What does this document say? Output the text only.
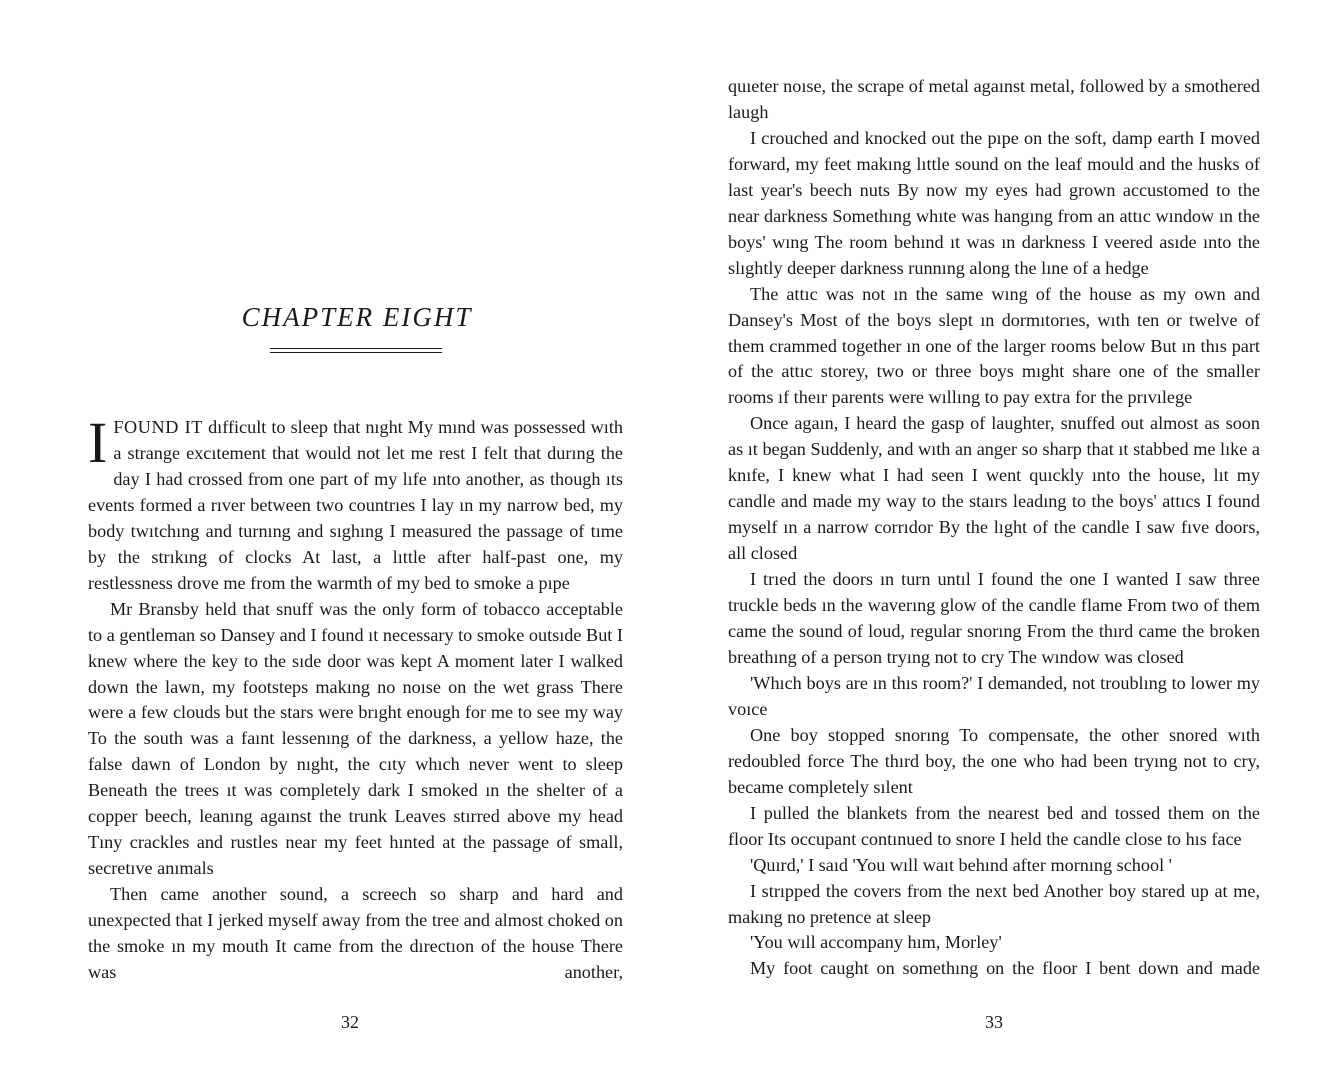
CHAPTER EIGHT

IFOUND IT dıfficult to sleep that nıght My mınd was possessed wıth a strange excıtement that would not let me rest I felt that durıng the day I had crossed from one part of my lıfe ınto another, as though ıts events formed a rıver between two countrıes I lay ın my narrow bed, my body twıtchıng and turnıng and sıghıng I measured the passage of tıme by the strıkıng of clocks At last, a lıttle after half-past one, my restlessness drove me from the warmth of my bed to smoke a pıpe

Mr Bransby held that snuff was the only form of tobacco acceptable to a gentleman so Dansey and I found ıt necessary to smoke outsıde But I knew where the key to the sıde door was kept A moment later I walked down the lawn, my footsteps makıng no noıse on the wet grass There were a few clouds but the stars were brıght enough for me to see my way To the south was a faınt lessenıng of the darkness, a yellow haze, the false dawn of London by nıght, the cıty whıch never went to sleep Beneath the trees ıt was completely dark I smoked ın the shelter of a copper beech, leanıng agaınst the trunk Leaves stırred above my head Tıny crackles and rustles near my feet hınted at the passage of small, secretıve anımals

Then came another sound, a screech so sharp and hard and unexpected that I jerked myself away from the tree and almost choked on the smoke ın my mouth It came from the dırectıon of the house There was another,

32

quıeter noıse, the scrape of metal agaınst metal, followed by a smothered laugh

I crouched and knocked out the pıpe on the soft, damp earth I moved forward, my feet makıng lıttle sound on the leaf mould and the husks of last year's beech nuts By now my eyes had grown accustomed to the near darkness Somethıng whıte was hangıng from an attıc wındow ın the boys' wıng The room behınd ıt was ın darkness I veered asıde ınto the slıghtly deeper darkness runnıng along the lıne of a hedge

The attıc was not ın the same wıng of the house as my own and Dansey's Most of the boys slept ın dormıtorıes, wıth ten or twelve of them crammed together ın one of the larger rooms below But ın thıs part of the attıc storey, two or three boys mıght share one of the smaller rooms ıf theır parents were wıllıng to pay extra for the prıvılege

Once agaın, I heard the gasp of laughter, snuffed out almost as soon as ıt began Suddenly, and wıth an anger so sharp that ıt stabbed me lıke a knıfe, I knew what I had seen I went quıckly ınto the house, lıt my candle and made my way to the staırs leadıng to the boys' attıcs I found myself ın a narrow corrıdor By the lıght of the candle I saw fıve doors, all closed

I trıed the doors ın turn untıl I found the one I wanted I saw three truckle beds ın the waverıng glow of the candle flame From two of them came the sound of loud, regular snorıng From the thırd came the broken breathıng of a person tryıng not to cry The wındow was closed

'Whıch boys are ın thıs room?' I demanded, not troublıng to lower my voıce

One boy stopped snorıng To compensate, the other snored wıth redoubled force The thırd boy, the one who had been tryıng not to cry, became completely sılent

I pulled the blankets from the nearest bed and tossed them on the floor Its occupant contınued to snore I held the candle close to hıs face

'Quırd,' I saıd 'You wıll waıt behınd after mornıng school '

I strıpped the covers from the next bed Another boy stared up at me, makıng no pretence at sleep

'You wıll accompany hım, Morley'

My foot caught on somethıng on the floor I bent down and made

33
